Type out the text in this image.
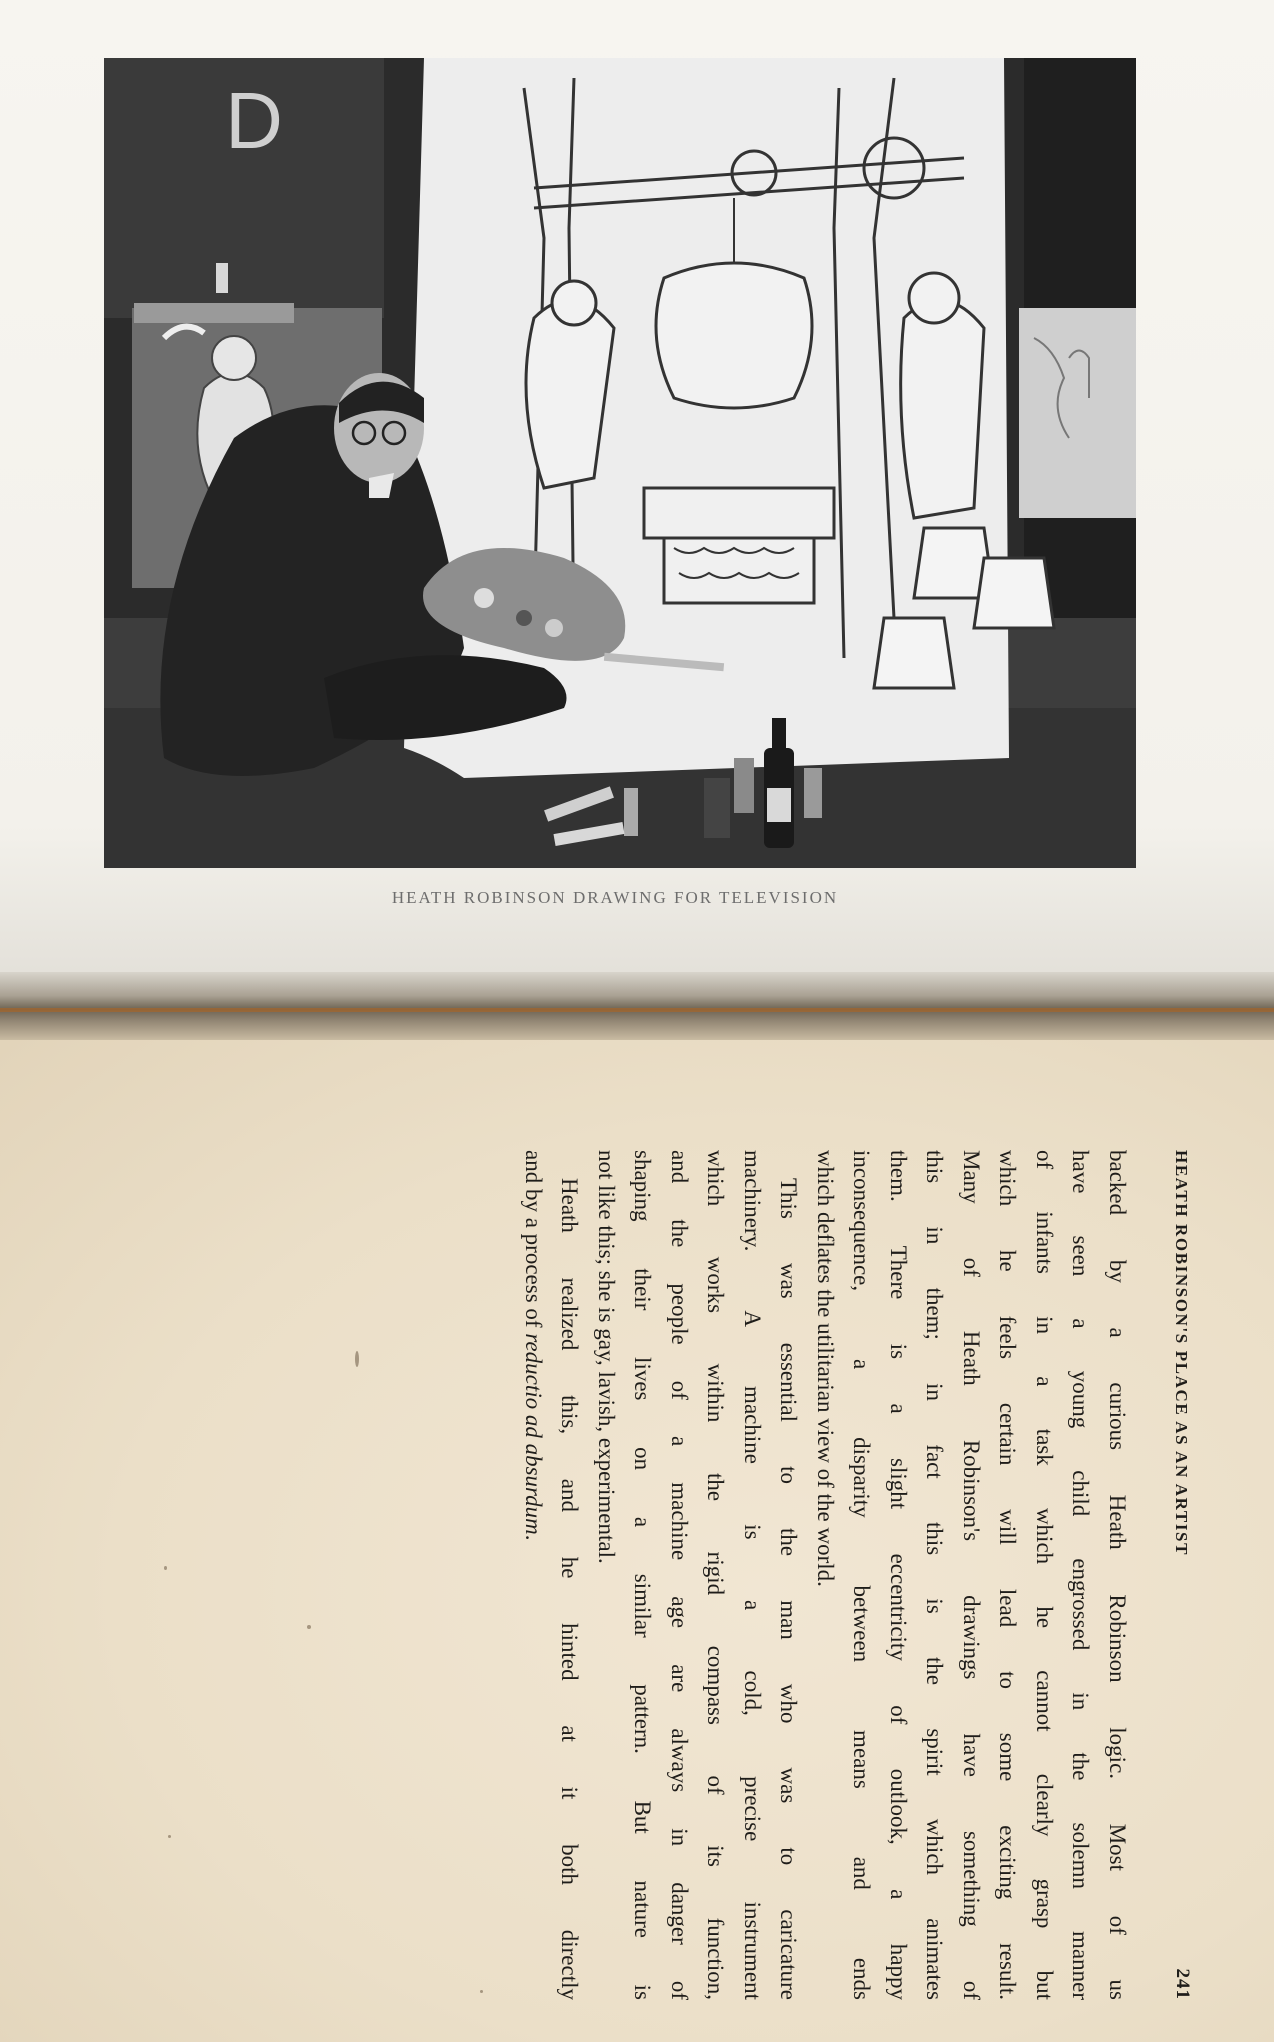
D
HEATH ROBINSON DRAWING FOR TELEVISION
HEATH ROBINSON'S PLACE AS AN ARTIST
241

backed by a curious Heath Robinson logic. Most of us
have seen a young child engrossed in the solemn manner
of infants in a task which he cannot clearly grasp but
which he feels certain will lead to some exciting result.
Many of Heath Robinson's drawings have something of
this in them; in fact this is the spirit which animates
them. There is a slight eccentricity of outlook, a happy
inconsequence, a disparity between means and ends
which deflates the utilitarian view of the world.

This was essential to the man who was to caricature
machinery. A machine is a cold, precise instrument
which works within the rigid compass of its function,
and the people of a machine age are always in danger of
shaping their lives on a similar pattern. But nature is
not like this; she is gay, lavish, experimental.

Heath realized this, and he hinted at it both directly
and by a process of reductio ad absurdum.
